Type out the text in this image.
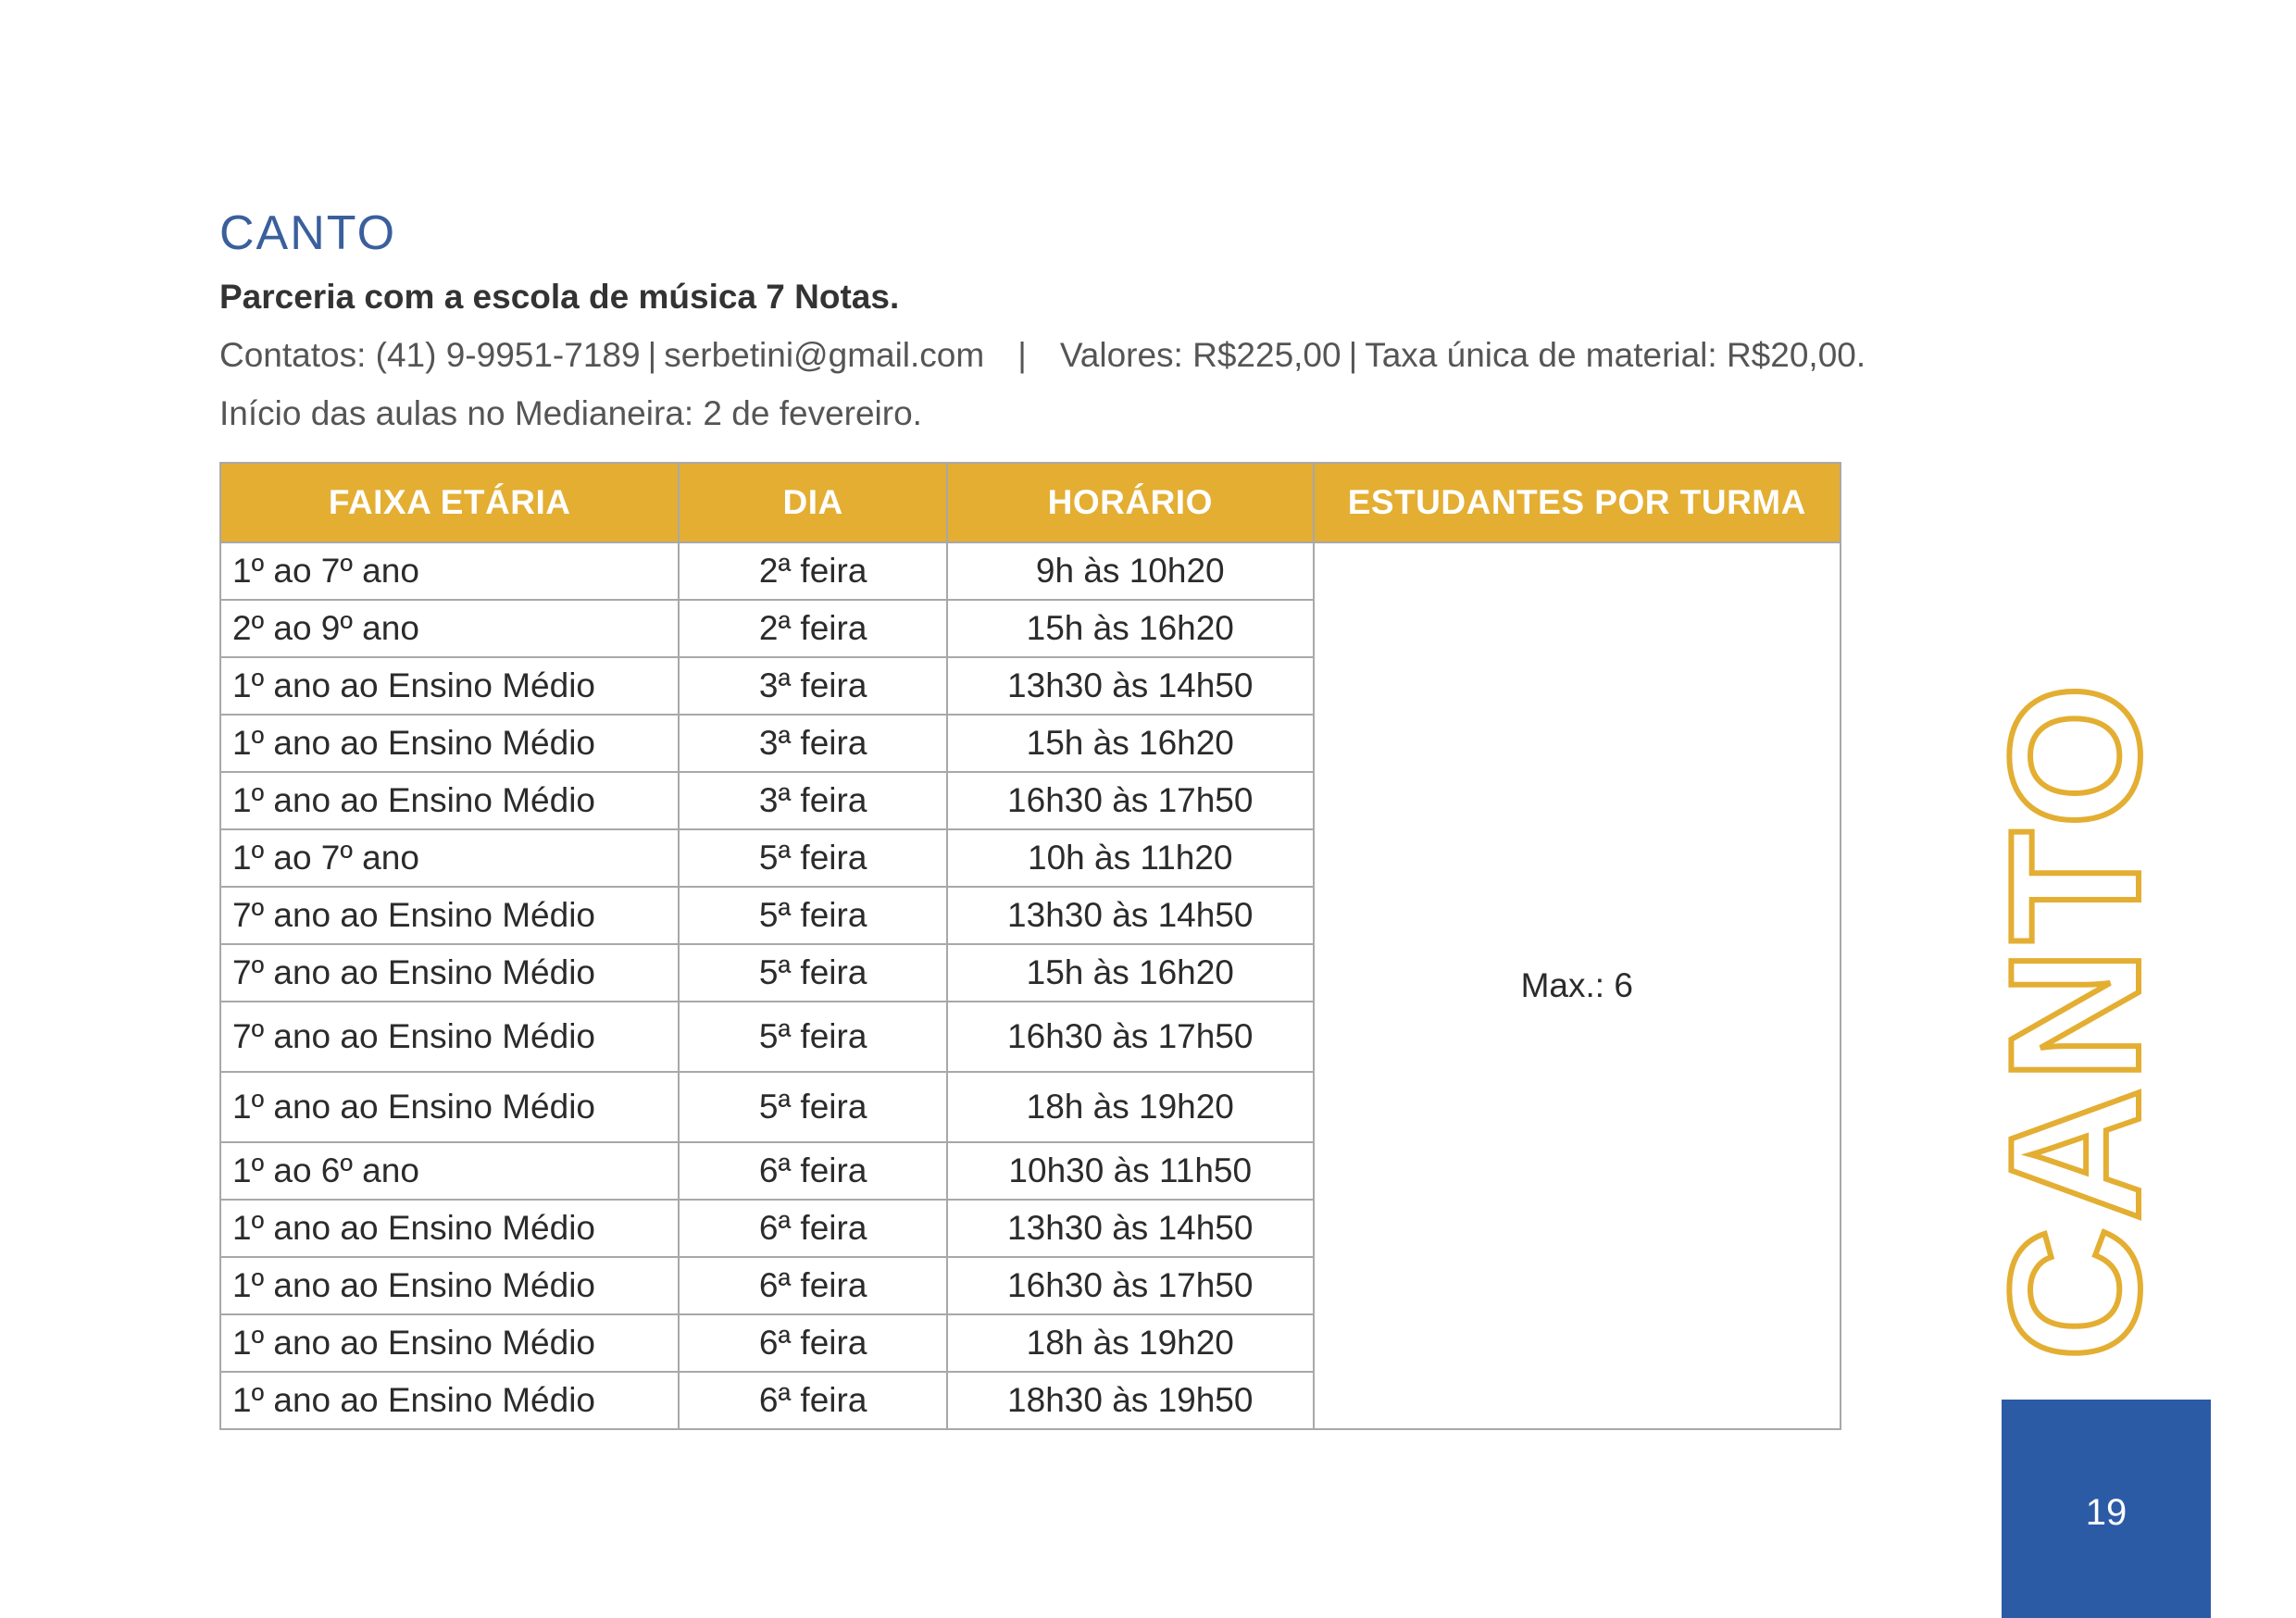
CANTO
Parceria com a escola de música 7 Notas.
Contatos: (41) 9-9951-7189 | serbetini@gmail.com | Valores: R$225,00 | Taxa única de material: R$20,00.
Início das aulas no Medianeira: 2 de fevereiro.
FAIXA ETÁRIA	DIA	HORÁRIO	ESTUDANTES POR TURMA
1º ao 7º ano	2ª feira	9h às 10h20	Max.: 6
2º ao 9º ano	2ª feira	15h às 16h20	
1º ano ao Ensino Médio	3ª feira	13h30 às 14h50	
1º ano ao Ensino Médio	3ª feira	15h às 16h20	
1º ano ao Ensino Médio	3ª feira	16h30 às 17h50	
1º ao 7º ano	5ª feira	10h às 11h20	
7º ano ao Ensino Médio	5ª feira	13h30 às 14h50	
7º ano ao Ensino Médio	5ª feira	15h às 16h20	
7º ano ao Ensino Médio	5ª feira	16h30 às 17h50	
1º ano ao Ensino Médio	5ª feira	18h às 19h20	
1º ao 6º ano	6ª feira	10h30 às 11h50	
1º ano ao Ensino Médio	6ª feira	13h30 às 14h50	
1º ano ao Ensino Médio	6ª feira	16h30 às 17h50	
1º ano ao Ensino Médio	6ª feira	18h às 19h20	
1º ano ao Ensino Médio	6ª feira	18h30 às 19h50	
CANTO
19
